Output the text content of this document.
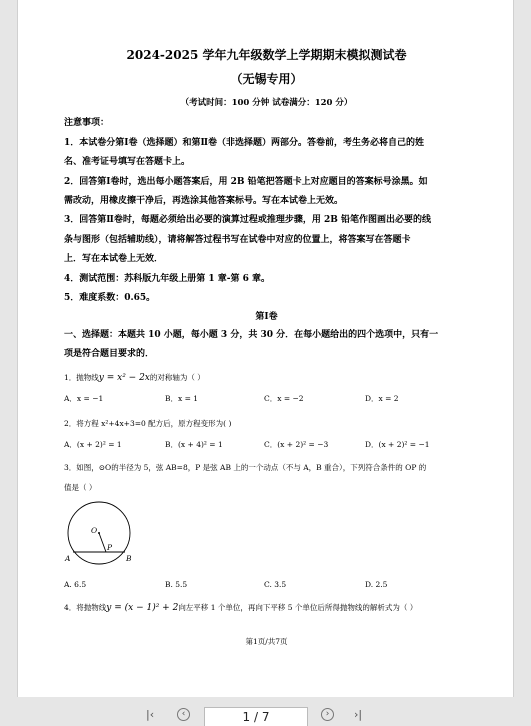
2024-2025 学年九年级数学上学期期末模拟测试卷
（无锡专用）
（考试时间：100 分钟 试卷满分：120 分）
注意事项：
1．本试卷分第Ⅰ卷（选择题）和第Ⅱ卷（非选择题）两部分。答卷前，考生务必将自己的姓
名、准考证号填写在答题卡上。
2．回答第Ⅰ卷时，选出每小题答案后，用 2B 铅笔把答题卡上对应题目的答案标号涂黑。如
需改动，用橡皮擦干净后，再选涂其他答案标号。写在本试卷上无效。
3．回答第Ⅱ卷时，每题必须给出必要的演算过程或推理步骤，用 2B 铅笔作图画出必要的线
条与图形（包括辅助线），请将解答过程书写在试卷中对应的位置上，将答案写在答题卡
上．写在本试卷上无效．
4．测试范围：苏科版九年级上册第 1 章-第 6 章。
5．难度系数：0.65。
第Ⅰ卷
一、选择题：本题共 10 小题，每小题 3 分，共 30 分．在每小题给出的四个选项中，只有一
项是符合题目要求的．
1．抛物线y = x² − 2x的对称轴为（ ）
A．x = −1	B．x = 1	C．x = −2	D．x = 2
2．将方程 x²+4x+3=0 配方后，原方程变形为( )
A．(x + 2)² = 1	B．(x + 4)² = 1	C．(x + 2)² = −3	D．(x + 2)² = −1
3．如图，⊙O的半径为 5，弦 AB=8，P 是弦 AB 上的一个动点（不与 A，B 重合），下列符合条件的 OP 的
值是（ ）
O
P
A	B
A. 6.5	B. 5.5	C. 3.5	D. 2.5
4．将抛物线y = (x − 1)² + 2向左平移 1 个单位，再向下平移 5 个单位后所得抛物线的解析式为（ ）
第1页/共7页
|‹	‹	1 / 7	›	›|
